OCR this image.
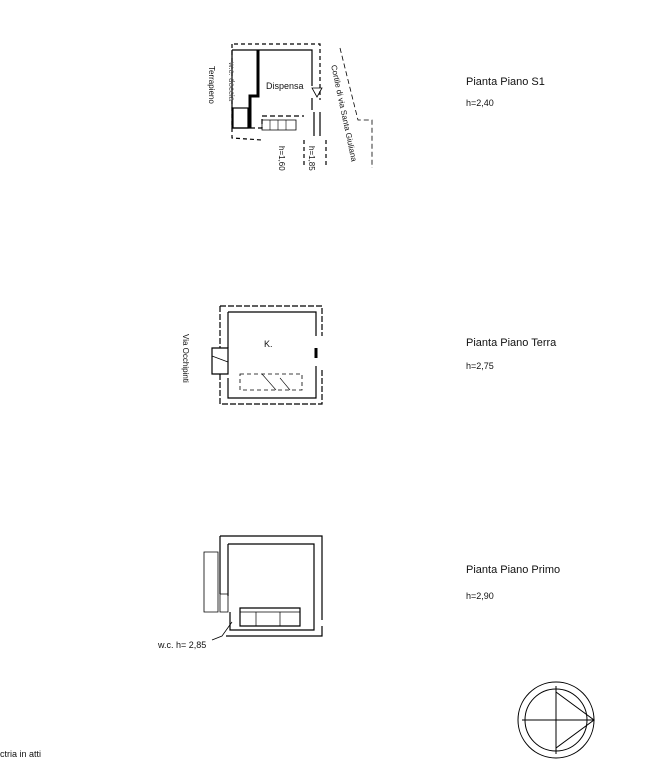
Pianta Piano S1
h=2,40
Dispensa
w.c. doccia
Terrapieno	Cortile di via Santa Giuliana
h=1,60	h=1,85
Pianta Piano Terra
h=2,75
K.
Via Occhipinti
Pianta Piano Primo
h=2,90
w.c. h= 2,85
ctria in atti
